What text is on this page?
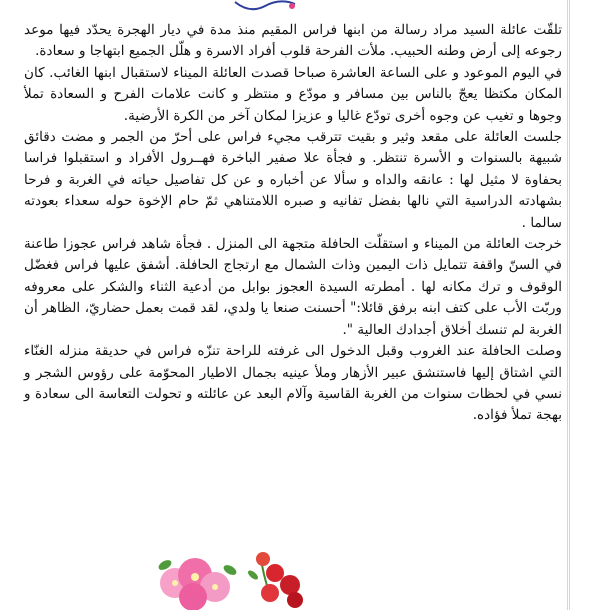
تلقّت عائلة السيد مراد رسالة من ابنها فراس المقيم منذ مدة في ديار الهجرة يحدّد فيها موعد رجوعه إلى أرض وطنه الحبيب. ملأت الفرحة قلوب أفراد الاسرة و هلّل الجميع ابتهاجا و سعادة.

في اليوم الموعود و على الساعة العاشرة صباحا قصدت العائلة الميناء لاستقبال ابنها الغائب. كان المكان مكتظا يعجّ بالناس بين مسافر و مودّع و منتظر و كانت علامات الفرح و السعادة تملأ وجوها و تغيب عن وجوه أخرى تودّع غاليا و عزيزا لمكان آخر من الكرة الأرضية.

جلست العائلة على مقعد وثير و بقيت تترقب مجيء فراس على أحرّ من الجمر و مضت دقائق شبيهة بالسنوات و الأسرة تنتظر. و فجأة علا صفير الباخرة فهــرول الأفراد و استقبلوا فراسا بحفاوة لا مثيل لها : عانقه والداه و سألا عن أخباره و عن كل تفاصيل حياته في الغربة و فرحا بشهادته الدراسية التي نالها بفضل تفانيه و صبره اللامتناهي ثمّ حام الإخوة حوله سعداء بعودته سالما .

خرجت العائلة من الميناء و استقلّت الحافلة متجهة الى المنزل . فجأة شاهد فراس عجوزا طاعنة في السنّ واقفة تتمايل ذات اليمين وذات الشمال مع ارتجاج الحافلة. أشفق عليها فراس فغضّل الوقوف و ترك مكانه لها . أمطرته السيدة العجوز بوابل من أدعية الثناء والشكر على معروفه وربّت الأب على كتف ابنه برفق قائلا:" أحسنت صنعا يا ولدي، لقد قمت بعمل حضاريّ، الظاهر أن الغربة لم تنسك أخلاق أجدادك العالية ".

وصلت الحافلة عند الغروب وقبل الدخول الى غرفته للراحة تنزّه فراس في حديقة منزله الغنّاء التي اشتاق إليها فاستنشق عبير الأزهار وملأ عينيه بجمال الاطيار المحوّمة على رؤوس الشجر و نسي في لحظات سنوات من الغربة القاسية وآلام البعد عن عائلته و تحولت التعاسة الى سعادة و بهجة تملأ فؤاده.
